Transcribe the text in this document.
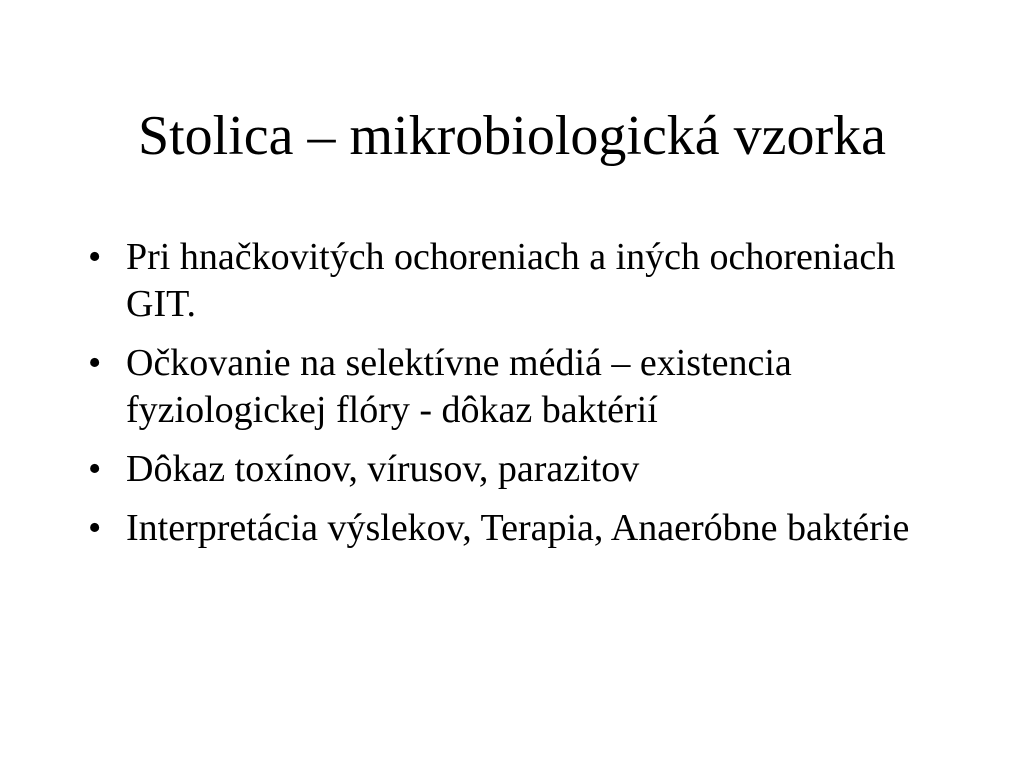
Stolica – mikrobiologická vzorka
• Pri hnačkovitých ochoreniach a iných ochoreniach GIT.
• Očkovanie na selektívne médiá – existencia fyziologickej flóry - dôkaz baktérií
• Dôkaz toxínov, vírusov, parazitov
• Interpretácia výslekov, Terapia, Anaeróbne baktérie
